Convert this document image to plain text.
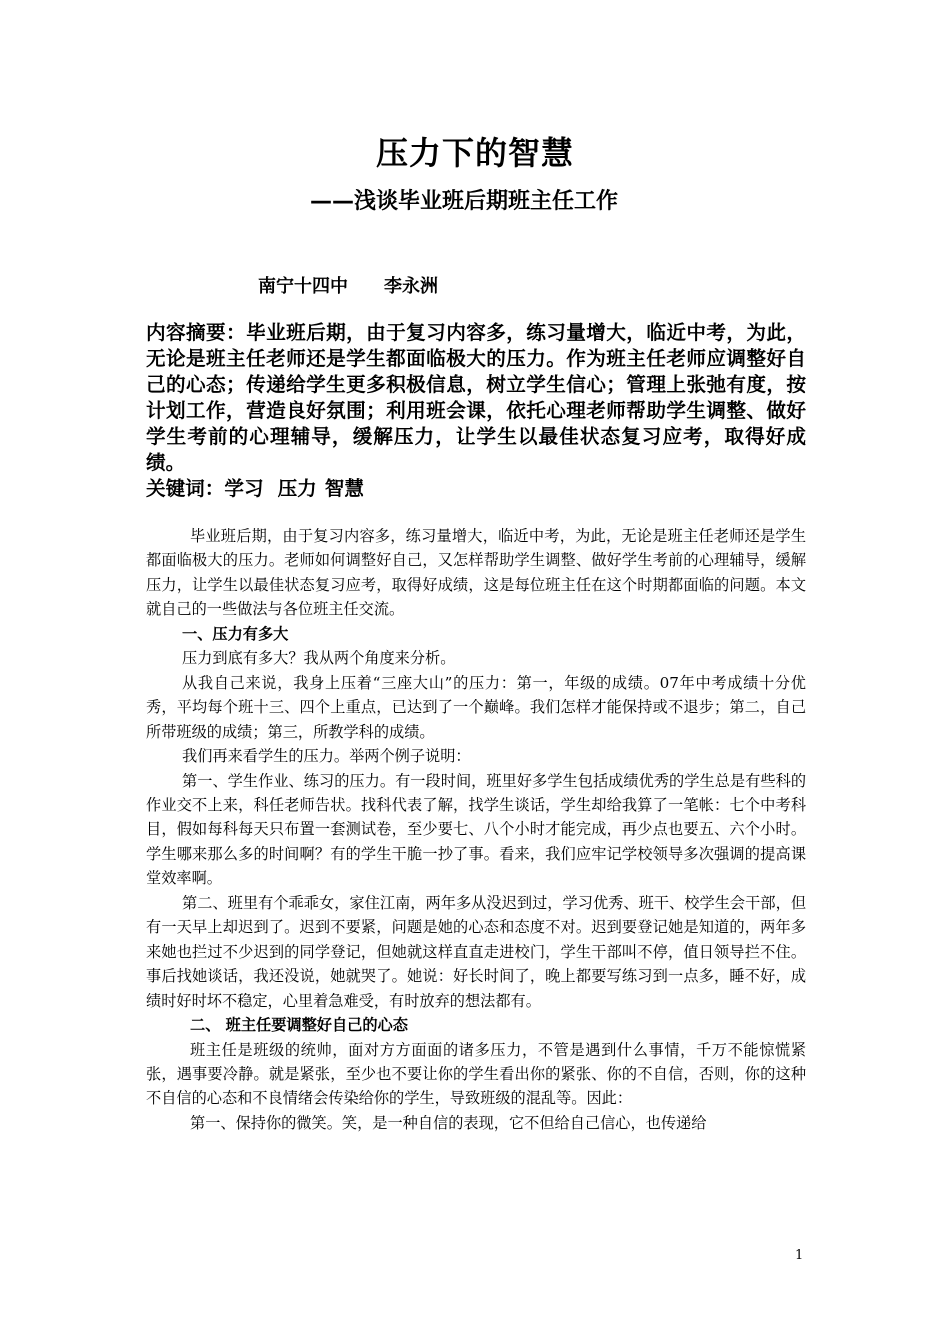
压力下的智慧
——浅谈毕业班后期班主任工作
南宁十四中 李永洲

内容摘要：毕业班后期，由于复习内容多，练习量增大，临近中考，为此，无论是班主任老师还是学生都面临极大的压力。作为班主任老师应调整好自己的心态；传递给学生更多积极信息，树立学生信心；管理上张弛有度，按计划工作，营造良好氛围；利用班会课，依托心理老师帮助学生调整、做好学生考前的心理辅导，缓解压力，让学生以最佳状态复习应考，取得好成绩。

关键词：学习 压力 智慧

毕业班后期，由于复习内容多，练习量增大，临近中考，为此，无论是班主任老师还是学生都面临极大的压力。老师如何调整好自己，又怎样帮助学生调整、做好学生考前的心理辅导，缓解压力，让学生以最佳状态复习应考，取得好成绩，这是每位班主任在这个时期都面临的问题。本文就自己的一些做法与各位班主任交流。

一、压力有多大

压力到底有多大？我从两个角度来分析。

从我自己来说，我身上压着“三座大山”的压力：第一，年级的成绩。07年中考成绩十分优秀，平均每个班十三、四个上重点，已达到了一个巅峰。我们怎样才能保持或不退步；第二，自己所带班级的成绩；第三，所教学科的成绩。

我们再来看学生的压力。举两个例子说明：

第一、学生作业、练习的压力。有一段时间，班里好多学生包括成绩优秀的学生总是有些科的作业交不上来，科任老师告状。找科代表了解，找学生谈话，学生却给我算了一笔帐：七个中考科目，假如每科每天只布置一套测试卷，至少要七、八个小时才能完成，再少点也要五、六个小时。学生哪来那么多的时间啊？有的学生干脆一抄了事。看来，我们应牢记学校领导多次强调的提高课堂效率啊。

第二、班里有个乖乖女，家住江南，两年多从没迟到过，学习优秀、班干、校学生会干部，但有一天早上却迟到了。迟到不要紧，问题是她的心态和态度不对。迟到要登记她是知道的，两年多来她也拦过不少迟到的同学登记，但她就这样直直走进校门，学生干部叫不停，值日领导拦不住。事后找她谈话，我还没说，她就哭了。她说：好长时间了，晚上都要写练习到一点多，睡不好，成绩时好时坏不稳定，心里着急难受，有时放弃的想法都有。

二、 班主任要调整好自己的心态

班主任是班级的统帅，面对方方面面的诸多压力，不管是遇到什么事情，千万不能惊慌紧张，遇事要冷静。就是紧张，至少也不要让你的学生看出你的紧张、你的不自信，否则，你的这种不自信的心态和不良情绪会传染给你的学生，导致班级的混乱等。因此：

第一、保持你的微笑。笑，是一种自信的表现，它不但给自己信心，也传递给

1
